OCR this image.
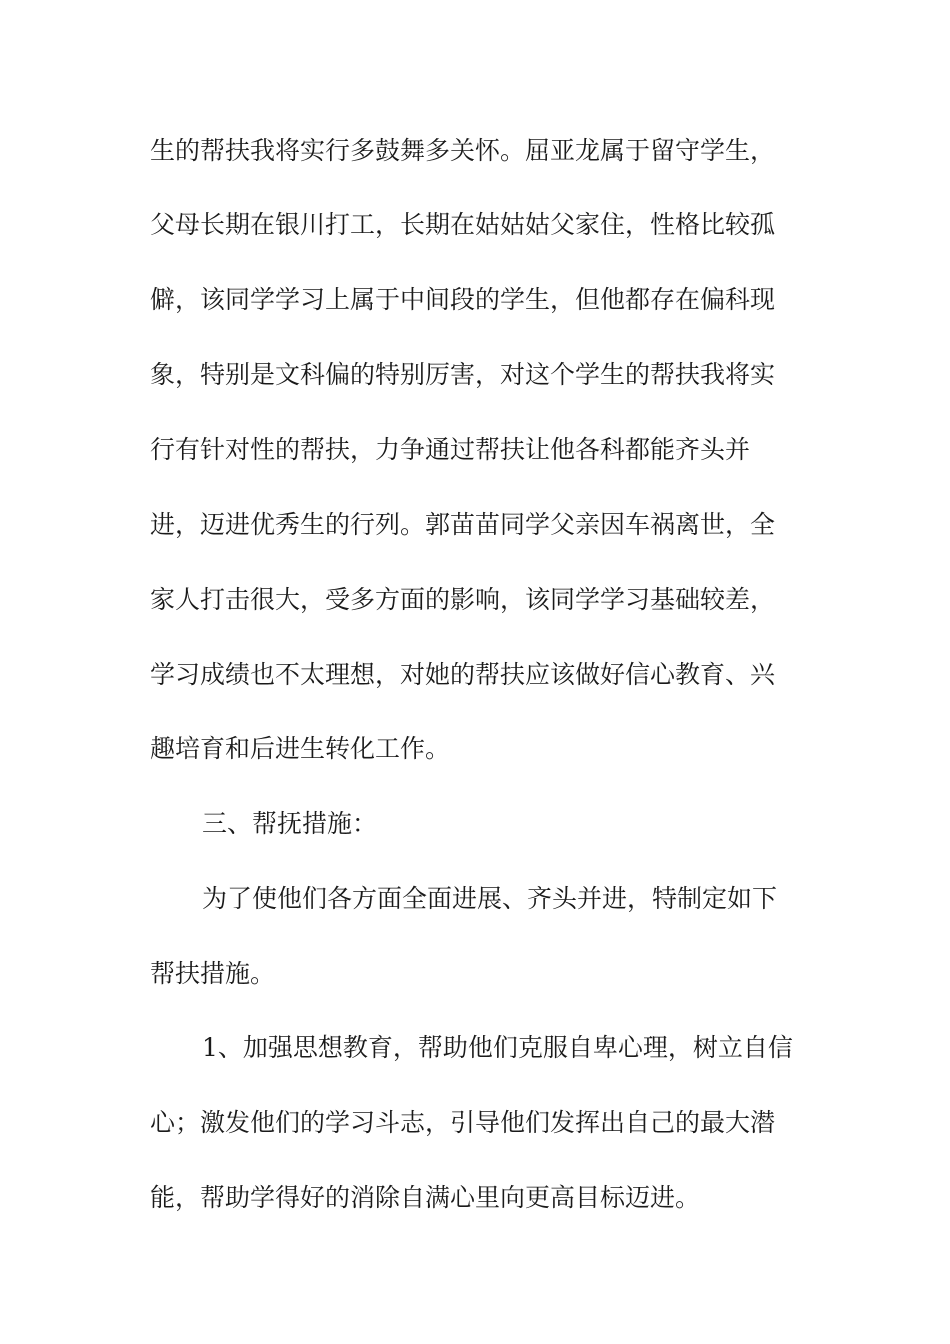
生的帮扶我将实行多鼓舞多关怀。屈亚龙属于留守学生，
父母长期在银川打工，长期在姑姑姑父家住，性格比较孤
僻，该同学学习上属于中间段的学生，但他都存在偏科现
象，特别是文科偏的特别厉害，对这个学生的帮扶我将实
行有针对性的帮扶，力争通过帮扶让他各科都能齐头并
进，迈进优秀生的行列。郭苗苗同学父亲因车祸离世，全
家人打击很大，受多方面的影响，该同学学习基础较差，
学习成绩也不太理想，对她的帮扶应该做好信心教育、兴
趣培育和后进生转化工作。
三、帮抚措施：
为了使他们各方面全面进展、齐头并进，特制定如下
帮扶措施。
1、加强思想教育，帮助他们克服自卑心理，树立自信
心；激发他们的学习斗志，引导他们发挥出自己的最大潜
能，帮助学得好的消除自满心里向更高目标迈进。
